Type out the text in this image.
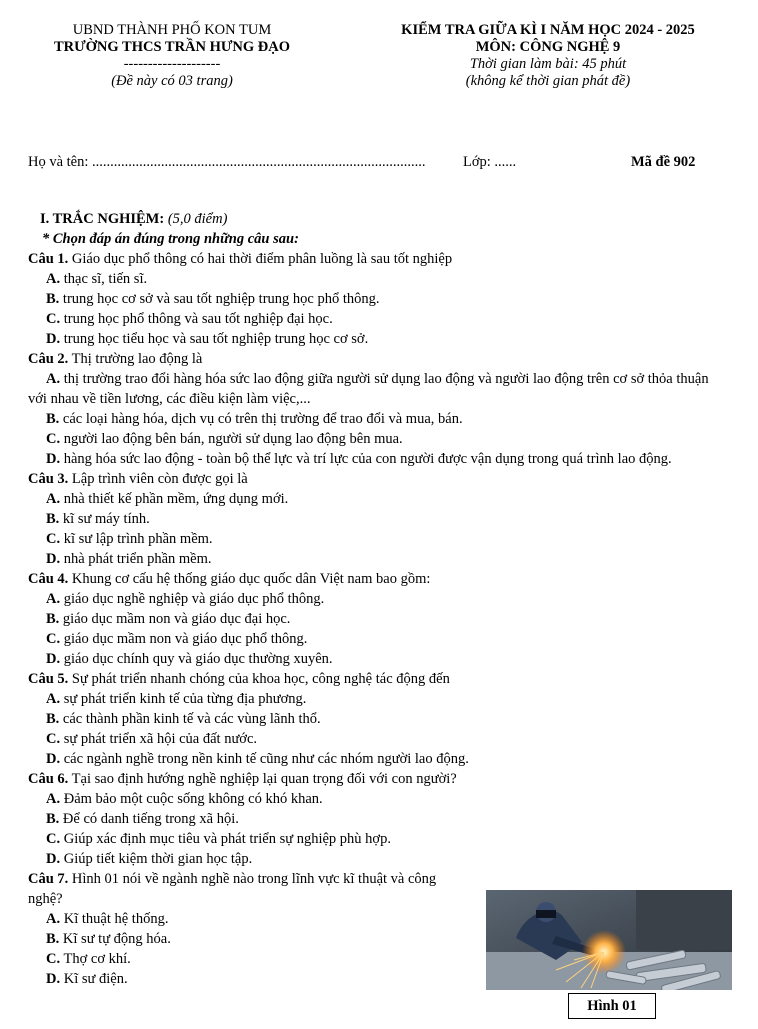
UBND THÀNH PHỐ KON TUM
TRƯỜNG THCS TRẦN HƯNG ĐẠO
--------------------
(Đề này có 03 trang)
KIỂM TRA GIỮA KÌ I NĂM HỌC 2024 - 2025
MÔN: CÔNG NGHỆ 9
Thời gian làm bài: 45 phút
(không kể thời gian phát đề)
Họ và tên: ............................................................................................	Lớp: ......	Mã đề 902
I. TRẮC NGHIỆM: (5,0 điểm)
* Chọn đáp án đúng trong những câu sau:
Câu 1. Giáo dục phổ thông có hai thời điểm phân luồng là sau tốt nghiệp
A. thạc sĩ, tiến sĩ.
B. trung học cơ sở và sau tốt nghiệp trung học phổ thông.
C. trung học phổ thông và sau tốt nghiệp đại học.
D. trung học tiểu học và sau tốt nghiệp trung học cơ sở.
Câu 2. Thị trường lao động là
A. thị trường trao đổi hàng hóa sức lao động giữa người sử dụng lao động và người lao động trên cơ sở thỏa thuận với nhau về tiền lương, các điều kiện làm việc,...
B. các loại hàng hóa, dịch vụ có trên thị trường để trao đổi và mua, bán.
C. người lao động bên bán, người sử dụng lao động bên mua.
D. hàng hóa sức lao động - toàn bộ thể lực và trí lực của con người được vận dụng trong quá trình lao động.
Câu 3. Lập trình viên còn được gọi là
A. nhà thiết kế phần mềm, ứng dụng mới.
B. kĩ sư máy tính.
C. kĩ sư lập trình phần mềm.
D. nhà phát triển phần mềm.
Câu 4. Khung cơ cấu hệ thống giáo dục quốc dân Việt nam bao gồm:
A. giáo dục nghề nghiệp và giáo dục phổ thông.
B. giáo dục mầm non và giáo dục đại học.
C. giáo dục mầm non và giáo dục phổ thông.
D. giáo dục chính quy và giáo dục thường xuyên.
Câu 5. Sự phát triển nhanh chóng của khoa học, công nghệ tác động đến
A. sự phát triển kinh tế của từng địa phương.
B. các thành phần kinh tế và các vùng lãnh thổ.
C. sự phát triển xã hội của đất nước.
D. các ngành nghề trong nền kinh tế cũng như các nhóm người lao động.
Câu 6. Tại sao định hướng nghề nghiệp lại quan trọng đối với con người?
A. Đảm bảo một cuộc sống không có khó khan.
B. Để có danh tiếng trong xã hội.
C. Giúp xác định mục tiêu và phát triển sự nghiệp phù hợp.
D. Giúp tiết kiệm thời gian học tập.
Câu 7. Hình 01 nói về ngành nghề nào trong lĩnh vực kĩ thuật và công nghệ?
A. Kĩ thuật hệ thống.
B. Kĩ sư tự động hóa.
C. Thợ cơ khí.
D. Kĩ sư điện.
Hình 01
